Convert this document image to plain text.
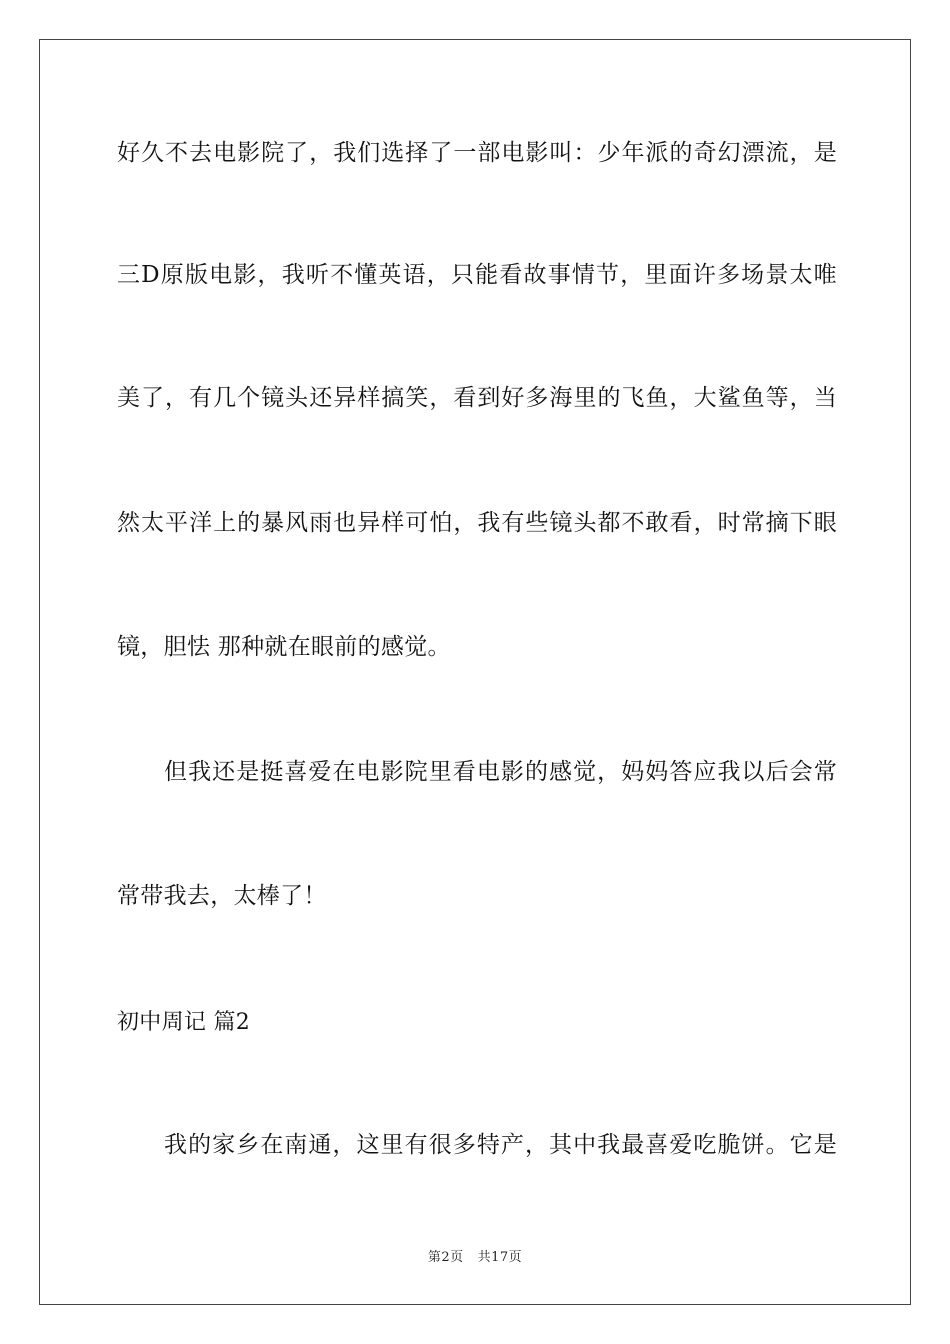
好久不去电影院了，我们选择了一部电影叫：少年派的奇幻漂流，是
三D原版电影，我听不懂英语，只能看故事情节，里面许多场景太唯
美了，有几个镜头还异样搞笑，看到好多海里的飞鱼，大鲨鱼等，当
然太平洋上的暴风雨也异样可怕，我有些镜头都不敢看，时常摘下眼
镜，胆怯 那种就在眼前的感觉。
但我还是挺喜爱在电影院里看电影的感觉，妈妈答应我以后会常
常带我去，太棒了！
初中周记 篇2
我的家乡在南通，这里有很多特产，其中我最喜爱吃脆饼。它是
第2页 共17页
